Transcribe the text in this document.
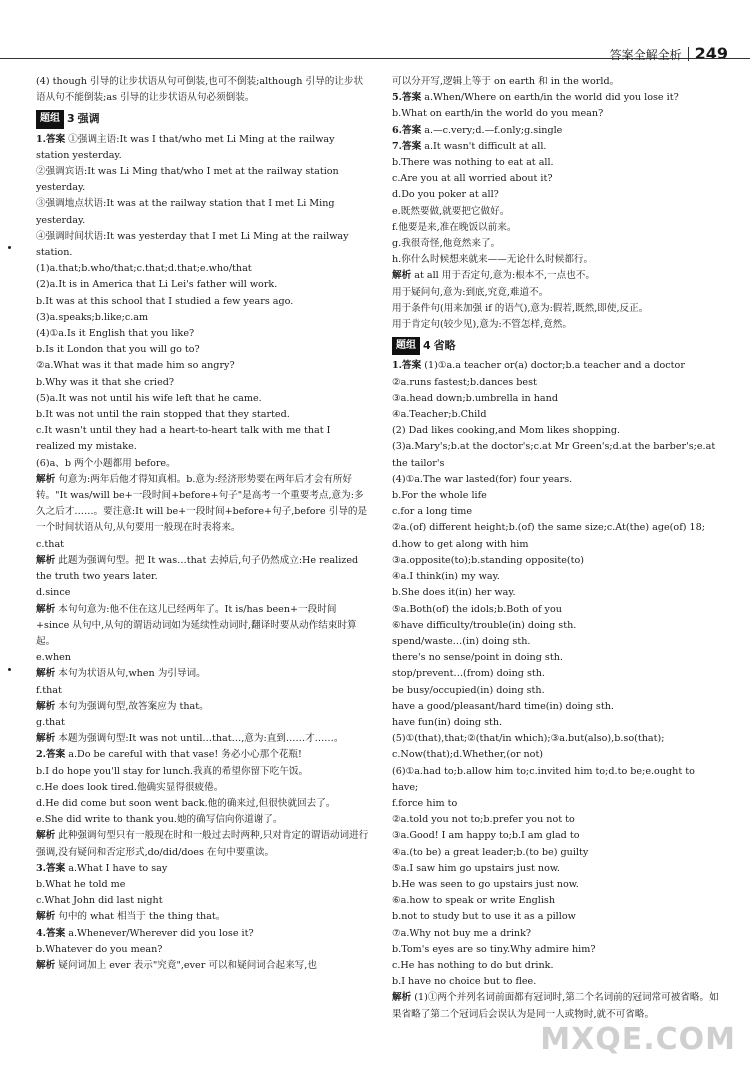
答案全解全析 249

(4) though 引导的让步状语从句可倒装,也可不倒装;although 引导的让步状语从句不能倒装;as 引导的让步状语从句必须倒装。

题组 3 强调

1.答案 ①强调主语:It was I that/who met Li Ming at the railway station yesterday.

②强调宾语:It was Li Ming that/who I met at the railway station yesterday.

③强调地点状语:It was at the railway station that I met Li Ming yesterday.

④强调时间状语:It was yesterday that I met Li Ming at the railway station.

(1)a.that;b.who/that;c.that;d.that;e.who/that

(2)a.It is in America that Li Lei's father will work.

b.It was at this school that I studied a few years ago.

(3)a.speaks;b.like;c.am

(4)①a.Is it English that you like?

b.Is it London that you will go to?

②a.What was it that made him so angry?

b.Why was it that she cried?

(5)a.It was not until his wife left that he came.

b.It was not until the rain stopped that they started.

c.It wasn't until they had a heart-to-heart talk with me that I realized my mistake.

(6)a、b 两个小题都用 before。

解析 句意为:两年后他才得知真相。b.意为:经济形势要在两年后才会有所好转。"It was/will be+一段时间+before+句子"是高考一个重要考点,意为:多久之后才……。要注意:It will be+一段时间+before+句子,before 引导的是一个时间状语从句,从句要用一般现在时表将来。

c.that

解析 此题为强调句型。把 It was…that 去掉后,句子仍然成立:He realized the truth two years later.

d.since

解析 本句句意为:他不住在这儿已经两年了。It is/has been+一段时间+since 从句中,从句的谓语动词如为延续性动词时,翻译时要从动作结束时算起。

e.when

解析 本句为状语从句,when 为引导词。

f.that

解析 本句为强调句型,故答案应为 that。

g.that

解析 本题为强调句型:It was not until…that…,意为:直到……才……。

2.答案 a.Do be careful with that vase! 务必小心那个花瓶!

b.I do hope you'll stay for lunch.我真的希望你留下吃午饭。

c.He does look tired.他确实显得很疲倦。

d.He did come but soon went back.他的确来过,但很快就回去了。

e.She did write to thank you.她的确写信向你道谢了。

解析 此种强调句型只有一般现在时和一般过去时两种,只对肯定的谓语动词进行强调,没有疑问和否定形式,do/did/does 在句中要重读。

3.答案 a.What I have to say

b.What he told me

c.What John did last night

解析 句中的 what 相当于 the thing that。

4.答案 a.Whenever/Wherever did you lose it?

b.Whatever do you mean?

解析 疑问词加上 ever 表示"究竟",ever 可以和疑问词合起来写,也

可以分开写,逻辑上等于 on earth 和 in the world。

5.答案 a.When/Where on earth/in the world did you lose it?

b.What on earth/in the world do you mean?

6.答案 a.—c.very;d.—f.only;g.single

7.答案 a.It wasn't difficult at all.

b.There was nothing to eat at all.

c.Are you at all worried about it?

d.Do you poker at all?

e.既然要做,就要把它做好。

f.他要是来,准在晚饭以前来。

g.我很奇怪,他竟然来了。

h.你什么时候想来就来——无论什么时候都行。

解析 at all 用于否定句,意为:根本不,一点也不。

用于疑问句,意为:到底,究竟,难道不。

用于条件句(用来加强 if 的语气),意为:假若,既然,即使,反正。

用于肯定句(较少见),意为:不管怎样,竟然。

题组 4 省略

1.答案 (1)①a.a teacher or(a) doctor;b.a teacher and a doctor

②a.runs fastest;b.dances best

③a.head down;b.umbrella in hand

④a.Teacher;b.Child

(2) Dad likes cooking,and Mom likes shopping.

(3)a.Mary's;b.at the doctor's;c.at Mr Green's;d.at the barber's;e.at the tailor's

(4)①a.The war lasted(for) four years.

b.For the whole life

c.for a long time

②a.(of) different height;b.(of) the same size;c.At(the) age(of) 18;

d.how to get along with him

③a.opposite(to);b.standing opposite(to)

④a.I think(in) my way.

b.She does it(in) her way.

⑤a.Both(of) the idols;b.Both of you

⑥have difficulty/trouble(in) doing sth.

spend/waste…(in) doing sth.

there's no sense/point in doing sth.

stop/prevent…(from) doing sth.

be busy/occupied(in) doing sth.

have a good/pleasant/hard time(in) doing sth.

have fun(in) doing sth.

(5)①(that),that;②(that/in which);③a.but(also),b.so(that);

c.Now(that);d.Whether,(or not)

(6)①a.had to;b.allow him to;c.invited him to;d.to be;e.ought to have;

f.force him to

②a.told you not to;b.prefer you not to

③a.Good! I am happy to;b.I am glad to

④a.(to be) a great leader;b.(to be) guilty

⑤a.I saw him go upstairs just now.

b.He was seen to go upstairs just now.

⑥a.how to speak or write English

b.not to study but to use it as a pillow

⑦a.Why not buy me a drink?

b.Tom's eyes are so tiny.Why admire him?

c.He has nothing to do but drink.

b.I have no choice but to flee.

解析 (1)①两个并列名词前面都有冠词时,第二个名词前的冠词常可被省略。如果省略了第二个冠词后会误认为是同一人或物时,就不可省略。

MXQE.COM
